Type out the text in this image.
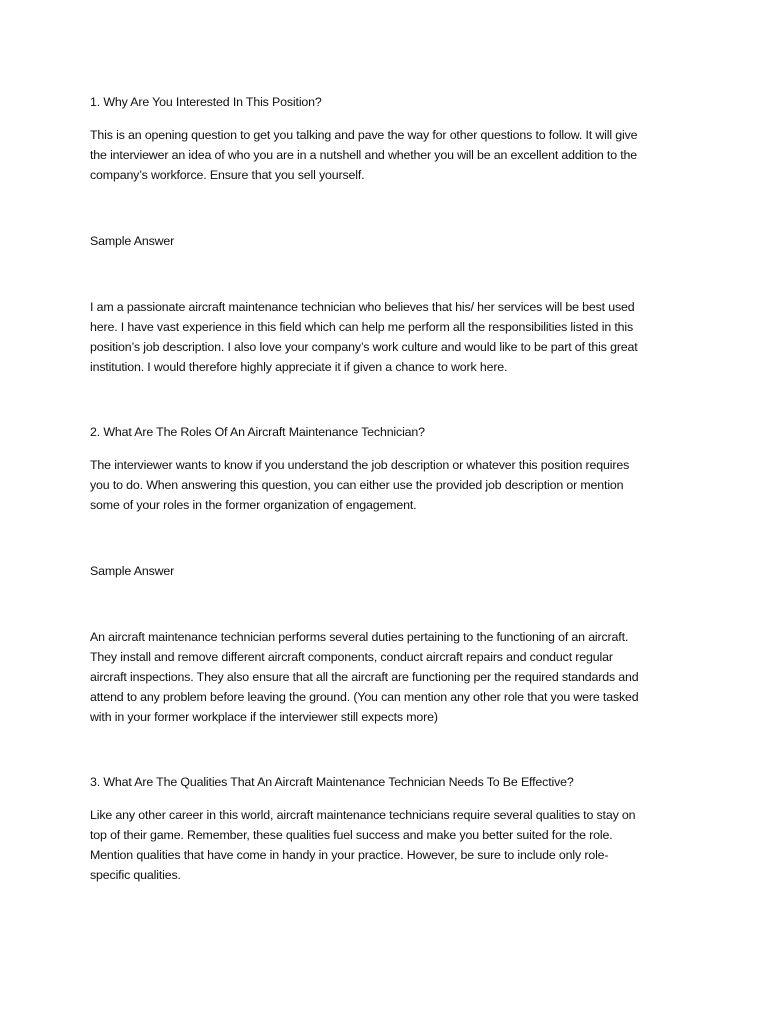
1. Why Are You Interested In This Position?

This is an opening question to get you talking and pave the way for other questions to follow. It will give
the interviewer an idea of who you are in a nutshell and whether you will be an excellent addition to the
company’s workforce. Ensure that you sell yourself.

Sample Answer

I am a passionate aircraft maintenance technician who believes that his/ her services will be best used
here. I have vast experience in this field which can help me perform all the responsibilities listed in this
position’s job description. I also love your company’s work culture and would like to be part of this great
institution. I would therefore highly appreciate it if given a chance to work here.

2. What Are The Roles Of An Aircraft Maintenance Technician?

The interviewer wants to know if you understand the job description or whatever this position requires
you to do. When answering this question, you can either use the provided job description or mention
some of your roles in the former organization of engagement.

Sample Answer

An aircraft maintenance technician performs several duties pertaining to the functioning of an aircraft.
They install and remove different aircraft components, conduct aircraft repairs and conduct regular
aircraft inspections. They also ensure that all the aircraft are functioning per the required standards and
attend to any problem before leaving the ground. (You can mention any other role that you were tasked
with in your former workplace if the interviewer still expects more)

3. What Are The Qualities That An Aircraft Maintenance Technician Needs To Be Effective?

Like any other career in this world, aircraft maintenance technicians require several qualities to stay on
top of their game. Remember, these qualities fuel success and make you better suited for the role.
Mention qualities that have come in handy in your practice. However, be sure to include only role-
specific qualities.
